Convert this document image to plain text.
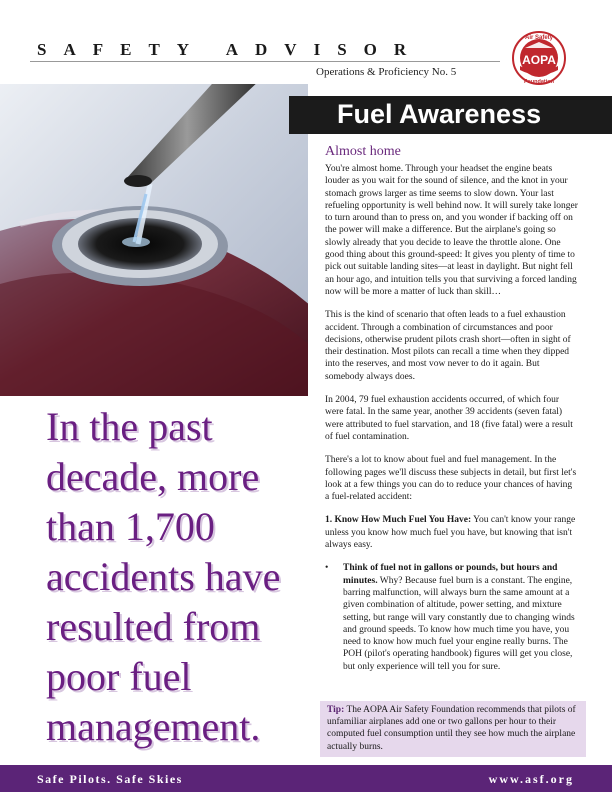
SAFETY ADVISOR
Operations & Proficiency No. 5
AOPA
Air Safety
Foundation
Fuel Awareness
Almost home

You're almost home. Through your headset the engine beats louder as you wait for the sound of silence, and the knot in your stomach grows larger as time seems to slow down. Your last refueling opportunity is well behind now. It will surely take longer to turn around than to press on, and you wonder if backing off on the power will make a difference. But the airplane's going so slowly already that you decide to leave the throttle alone. One good thing about this ground-speed: It gives you plenty of time to pick out suitable landing sites—at least in daylight. But night fell an hour ago, and intuition tells you that surviving a forced landing now will be more a matter of luck than skill…

This is the kind of scenario that often leads to a fuel exhaustion accident. Through a combination of circumstances and poor decisions, otherwise prudent pilots crash short—often in sight of their destination. Most pilots can recall a time when they dipped into the reserves, and most vow never to do it again. But somebody always does.

In 2004, 79 fuel exhaustion accidents occurred, of which four were fatal. In the same year, another 39 accidents (seven fatal) were attributed to fuel starvation, and 18 (five fatal) were a result of fuel contamination.

There's a lot to know about fuel and fuel management. In the following pages we'll discuss these subjects in detail, but first let's look at a few things you can do to reduce your chances of having a fuel-related accident:

1. Know How Much Fuel You Have: You can't know your range unless you know how much fuel you have, but knowing that isn't always easy.

•	Think of fuel not in gallons or pounds, but hours and minutes. Why? Because fuel burn is a constant. The engine, barring malfunction, will always burn the same amount at a given combination of altitude, power setting, and mixture setting, but range will vary constantly due to changing winds and ground speeds. To know how much time you have, you need to know how much fuel your engine really burns. The POH (pilot's operating handbook) figures will get you close, but only experience will tell you for sure.
Tip: The AOPA Air Safety Foundation recommends that pilots of unfamiliar airplanes add one or two gallons per hour to their computed fuel consumption until they see how much the airplane actually burns.
In the past decade, more than 1,700 accidents have resulted from poor fuel management.
Safe Pilots. Safe Skies	www.asf.org
